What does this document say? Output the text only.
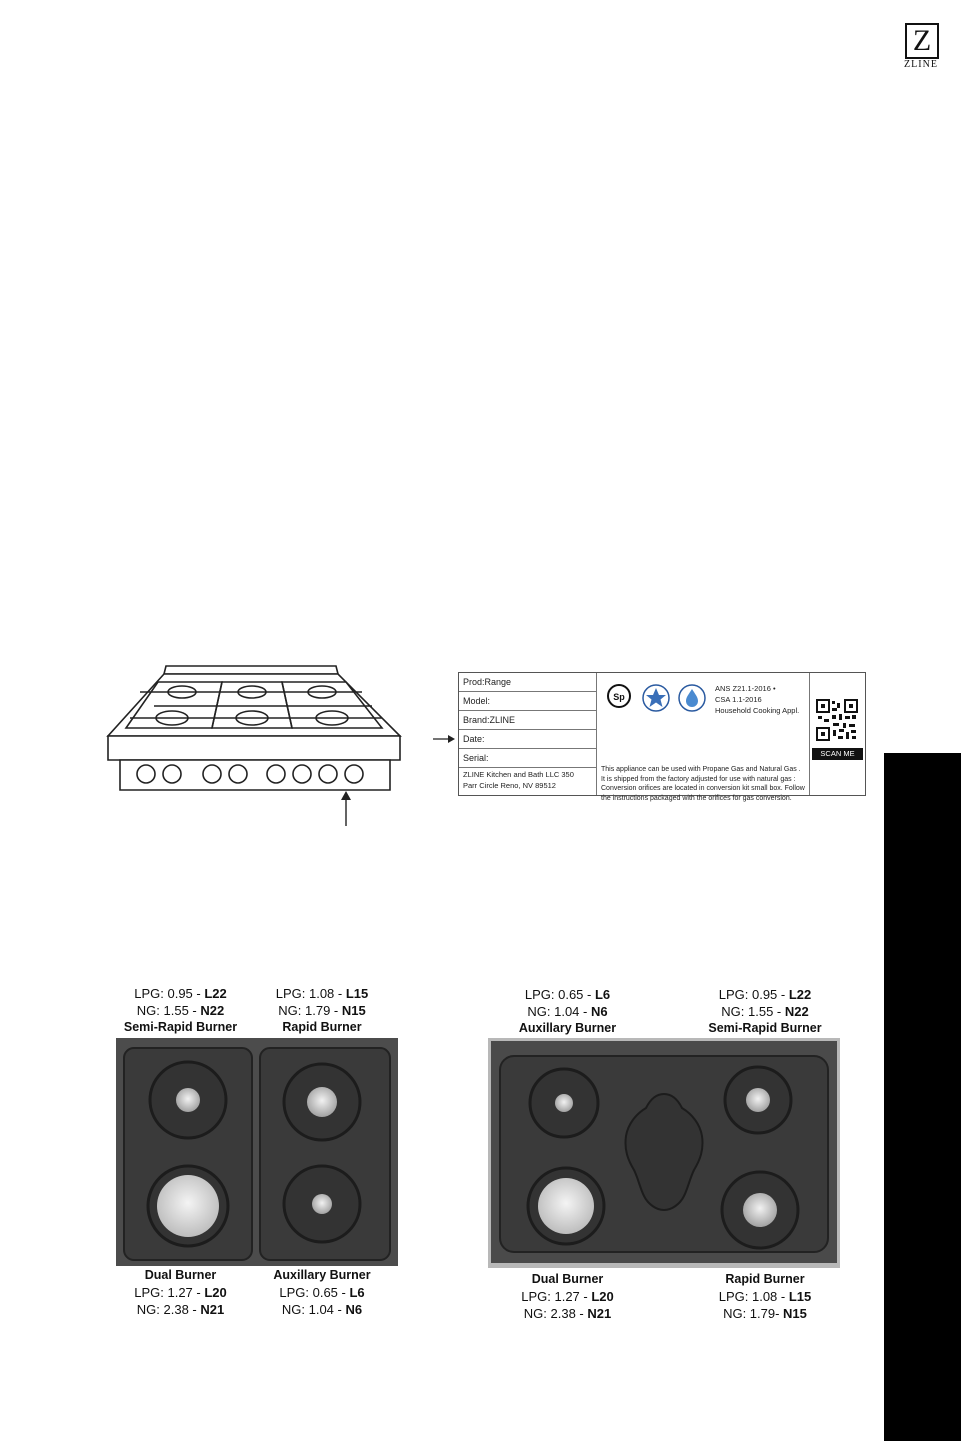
Z
ZLINE
Prod:Range
Model:
Brand:ZLINE
Date:
Serial:
ZLINE Kitchen and Bath LLC 350
Parr Circle Reno, NV 89512
Sp
ANS Z21.1-2016 •
CSA 1.1-2016
Household Cooking Appl.
This appliance can be used with Propane Gas and Natural Gas . It is shipped from the factory adjusted for use with natural gas : Conversion orifices are located in conversion kit small box. Follow the instructions packaged with the orifices for gas conversion.
SCAN ME
LPG: 0.95 - L22
NG: 1.55 - N22
Semi-Rapid Burner
LPG: 1.08 - L15
NG: 1.79 - N15
Rapid Burner
Dual Burner
LPG: 1.27 - L20
NG: 2.38 - N21
Auxillary Burner
LPG: 0.65 - L6
NG: 1.04 - N6
LPG: 0.65 - L6
NG: 1.04 - N6
Auxillary Burner
LPG: 0.95 - L22
NG: 1.55 - N22
Semi-Rapid Burner
Dual Burner
LPG: 1.27 - L20
NG: 2.38 - N21
Rapid Burner
LPG: 1.08 - L15
NG: 1.79- N15
